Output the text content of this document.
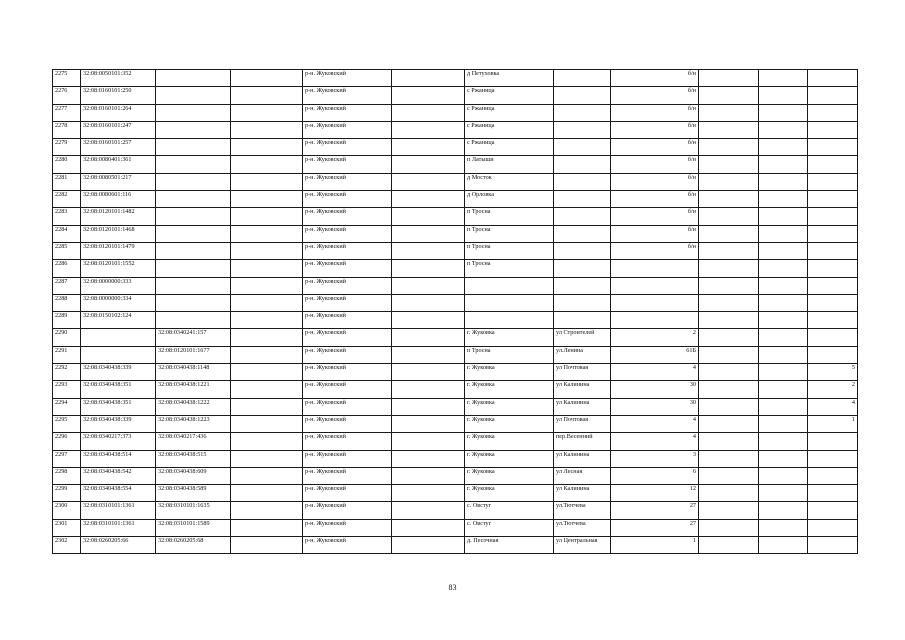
2275	32:08:0050101:352			р-н. Жуковский		д Петуховка		б/н			
2276	32:08:0160101:250			р-н. Жуковский		с Ржаница		б/н			
2277	32:08:0160101:264			р-н. Жуковский		с Ржаница		б/н			
2278	32:08:0160101:247			р-н. Жуковский		с Ржаница		б/н			
2279	32:08:0160101:257			р-н. Жуковский		с Ржаница		б/н			
2280	32:08:0080401:361			р-н. Жуковский		п Латыши		б/н			
2281	32:08:0080501:217			р-н. Жуковский		д Мосток		б/н			
2282	32:08:0080601:116			р-н. Жуковский		д Орловка		б/н			
2283	32:08:0120101:1482			р-н. Жуковский		п Троснa		б/н			
2284	32:08:0120101:1468			р-н. Жуковский		п Троснa		б/н			
2285	32:08:0120101:1479			р-н. Жуковский		п Троснa		б/н			
2286	32:08:0120101:1552			р-н. Жуковский		п Троснa					
2287	32:08:0000000:333			р-н. Жуковский							
2288	32:08:0000000:334			р-н. Жуковский							
2289	32:08:0150102:124			р-н. Жуковский							
2290		32:08:0340241:157		р-н. Жуковский		г. Жуковка	ул Строителей	2			
2291		32:08:0120101:1677		р-н. Жуковский		п Троснa	ул.Ленина	61Б			
2292	32:08:0340438:339	32:08:0340438:1148		р-н. Жуковский		г. Жуковка	ул Почтовая	4			5
2293	32:08:0340438:351	32:08:0340438:1221		р-н. Жуковский		г. Жуковка	ул Калинина	30			2
2294	32:08:0340438:351	32:08:0340438:1222		р-н. Жуковский		г. Жуковка	ул Калинина	30			4
2295	32:08:0340438:339	32:08:0340438:1223		р-н. Жуковский		г. Жуковка	ул Почтовая	4			1
2296	32:08:0340217:373	32:08:0340217:436		р-н. Жуковский		г. Жуковка	пер.Весенний	4			
2297	32:08:0340438:514	32:08:0340438:515		р-н. Жуковский		г. Жуковка	ул Калинина	3			
2298	32:08:0340438:542	32:08:0340438:609		р-н. Жуковский		г. Жуковка	ул Лесная	6			
2299	32:08:0340438:554	32:08:0340438:589		р-н. Жуковский		г. Жуковка	ул Калинина	12			
2300	32:08:0310101:1361	32:08:0310101:1635		р-н. Жуковский		с. Овстуг	ул.Тютчева	27			
2301	32:08:0310101:1361	32:08:0310101:1589		р-н. Жуковский		с. Овстуг	ул.Тютчева	27			
2302	32:08:0260205:66	32:08:0260205:68		р-н. Жуковский		д. Песочная	ул Центральная	1			
83
